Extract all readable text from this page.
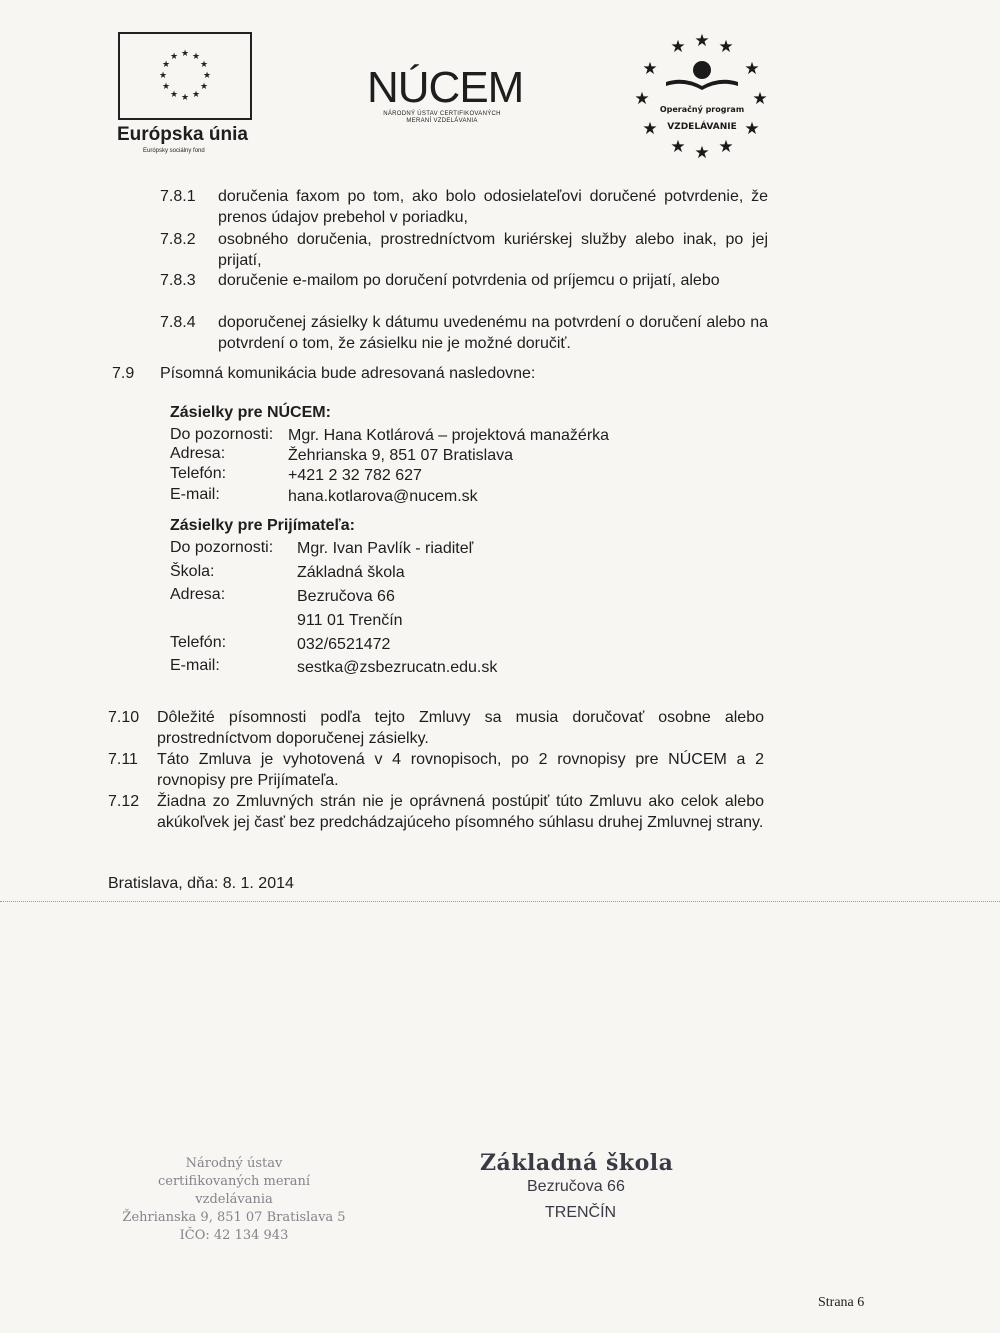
★ ★
★
★
★
★
★
★
★
★
★
★
Európska únia
Európsky sociálny fond
NÚCEM
NÁRODNÝ ÚSTAV CERTIFIKOVANÝCH
MERANÍ VZDELÁVANIA
★ ★ ★
★	★
★	★
★	★
★ ★ ★
Operačný program
VZDELÁVANIE
7.8.1 doručenia faxom po tom, ako bolo odosielateľovi doručené potvrdenie, že prenos údajov prebehol v poriadku,
7.8.2 osobného doručenia, prostredníctvom kuriérskej služby alebo inak, po jej prijatí,
7.8.3 doručenie e-mailom po doručení potvrdenia od príjemcu o prijatí, alebo
7.8.4 doporučenej zásielky k dátumu uvedenému na potvrdení o doručení alebo na potvrdení o tom, že zásielku nie je možné doručiť.
7.9 Písomná komunikácia bude adresovaná nasledovne:
Zásielky pre NÚCEM:
Do pozornosti: Mgr. Hana Kotlárová – projektová manažérka
Adresa:	Žehrianska 9, 851 07 Bratislava
Telefón:	+421 2 32 782 627
E-mail:	hana.kotlarova@nucem.sk
Zásielky pre Prijímateľa:
Do pozornosti: Mgr. Ivan Pavlík - riaditeľ
Škola:	Základná škola
Adresa:	Bezručova 66
911 01 Trenčín
Telefón:	032/6521472
E-mail:	sestka@zsbezrucatn.edu.sk
7.10 Dôležité písomnosti podľa tejto Zmluvy sa musia doručovať osobne alebo prostredníctvom doporučenej zásielky.
7.11 Táto Zmluva je vyhotovená v 4 rovnopisoch, po 2 rovnopisy pre NÚCEM a 2 rovnopisy pre Prijímateľa.
7.12 Žiadna zo Zmluvných strán nie je oprávnená postúpiť túto Zmluvu ako celok alebo akúkoľvek jej časť bez predchádzajúceho písomného súhlasu druhej Zmluvnej strany.
Bratislava, dňa: 8. 1. 2014
Národný ústav
certifikovaných meraní vzdelávania
Žehrianska 9, 851 07 Bratislava 5
IČO: 42 134 943
Základná škola
Bezručova 66
TRENČÍN
Strana 6
